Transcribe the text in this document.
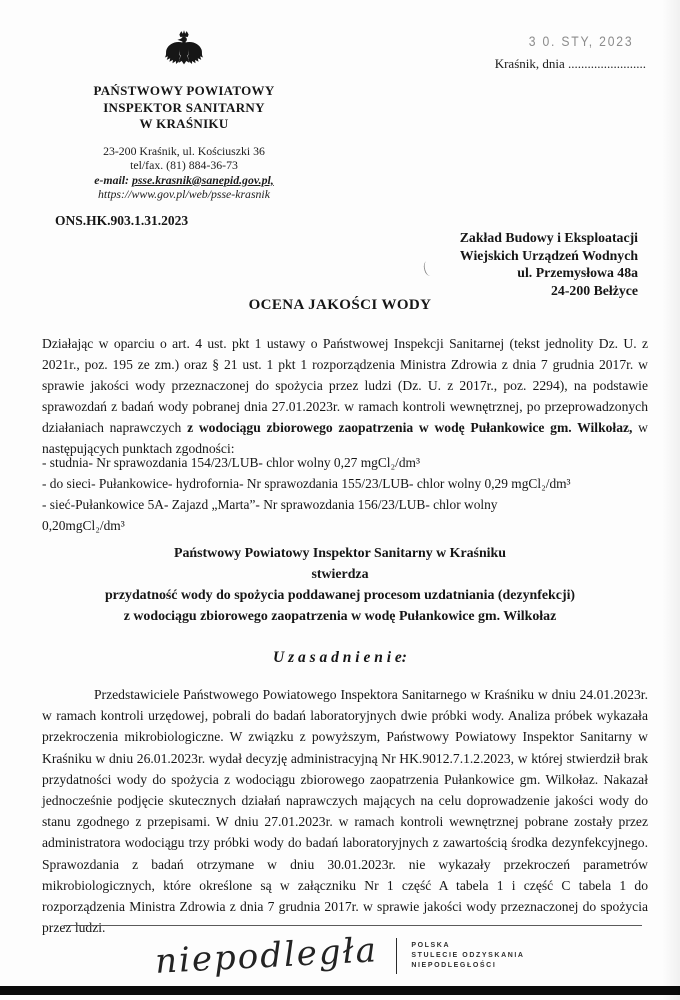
PAŃSTWOWY POWIATOWY
INSPEKTOR SANITARNY
W KRAŚNIKU
23-200 Kraśnik, ul. Kościuszki 36
tel/fax. (81) 884-36-73
e-mail: psse.krasnik@sanepid.gov.pl,
https://www.gov.pl/web/psse-krasnik
3 0. STY, 2023
Kraśnik, dnia ........................
ONS.HK.903.1.31.2023
Zakład Budowy i Eksploatacji
Wiejskich Urządzeń Wodnych
ul. Przemysłowa 48a
24-200 Bełżyce
OCENA JAKOŚCI WODY
Działając w oparciu o art. 4 ust. pkt 1 ustawy o Państwowej Inspekcji Sanitarnej (tekst jednolity Dz. U. z 2021r., poz. 195 ze zm.) oraz § 21 ust. 1 pkt 1 rozporządzenia Ministra Zdrowia z dnia 7 grudnia 2017r. w sprawie jakości wody przeznaczonej do spożycia przez ludzi (Dz. U. z 2017r., poz. 2294), na podstawie sprawozdań z badań wody pobranej dnia 27.01.2023r. w ramach kontroli wewnętrznej, po przeprowadzonych działaniach naprawczych z wodociągu zbiorowego zaopatrzenia w wodę Pułankowice gm. Wilkołaz, w następujących punktach zgodności:
- studnia- Nr sprawozdania 154/23/LUB- chlor wolny 0,27 mgCl₂/dm³
- do sieci- Pułankowice- hydrofornia- Nr sprawozdania 155/23/LUB- chlor wolny 0,29 mgCl₂/dm³
- sieć-Pułankowice 5A- Zajazd „Marta”- Nr sprawozdania 156/23/LUB- chlor wolny
0,20mgCl₂/dm³
Państwowy Powiatowy Inspektor Sanitarny w Kraśniku
stwierdza
przydatność wody do spożycia poddawanej procesom uzdatniania (dezynfekcji)
z wodociągu zbiorowego zaopatrzenia w wodę Pułankowice gm. Wilkołaz
U z a s a d n i e n i e:
Przedstawiciele Państwowego Powiatowego Inspektora Sanitarnego w Kraśniku w dniu 24.01.2023r. w ramach kontroli urzędowej, pobrali do badań laboratoryjnych dwie próbki wody. Analiza próbek wykazała przekroczenia mikrobiologiczne. W związku z powyższym, Państwowy Powiatowy Inspektor Sanitarny w Kraśniku w dniu 26.01.2023r. wydał decyzję administracyjną Nr HK.9012.7.1.2.2023, w której stwierdził brak przydatności wody do spożycia z wodociągu zbiorowego zaopatrzenia Pułankowice gm. Wilkołaz. Nakazał jednocześnie podjęcie skutecznych działań naprawczych mających na celu doprowadzenie jakości wody do stanu zgodnego z przepisami. W dniu 27.01.2023r. w ramach kontroli wewnętrznej pobrane zostały przez administratora wodociągu trzy próbki wody do badań laboratoryjnych z zawartością środka dezynfekcyjnego. Sprawozdania z badań otrzymane w dniu 30.01.2023r. nie wykazały przekroczeń parametrów mikrobiologicznych, które określone są w załączniku Nr 1 część A tabela 1 i część C tabela 1 do rozporządzenia Ministra Zdrowia z dnia 7 grudnia 2017r. w sprawie jakości wody przeznaczonej do spożycia przez ludzi.
niepodległa	POLSKA
STULECIE ODZYSKANIA
NIEPODLEGŁOŚCI
